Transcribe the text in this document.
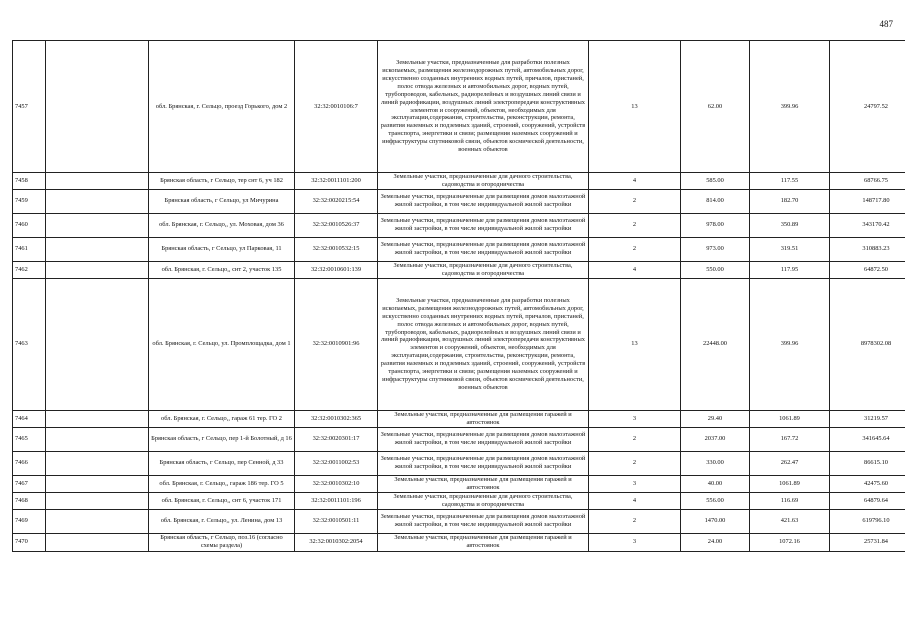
487
7457		обл. Брянская, г. Сельцо, проезд Горького, дом 2	32:32:0010106:7	Земельные участки, предназначенные для разработки полезных ископаемых, размещения железнодорожных путей, автомобильных дорог, искусственно созданных внутренних водных путей, причалов, пристаней, полос отвода железных и автомобильных дорог, водных путей, трубопроводов, кабельных, радиорелейных и воздушных линий связи и линий радиофикации, воздушных линий электропередачи конструктивных элементов и сооружений, объектов, необходимых для эксплуатации,содержания, строительства, реконструкции, ремонта, развития наземных и подземных зданий, строений, сооружений, устройств транспорта, энергетики и связи; размещения наземных сооружений и инфраструктуры спутниковой связи, объектов космической деятельности, военных объектов	13	62.00	399.96	24797.52
7458		Брянская область, г Сельцо, тер снт 6, уч 182	32:32:0011101:200	Земельные участки, предназначенные для дачного строительства, садоводства и огородничества	4	585.00	117.55	68766.75
7459		Брянская область, г Сельцо, ул Мичурина	32:32:0020215:54	Земельные участки, предназначенные для размещения домов малоэтажной жилой застройки, в том числе индивидуальной жилой застройки	2	814.00	182.70	148717.80
7460		обл. Брянская, г. Сельцо,, ул. Моховая, дом 36	32:32:0010526:37	Земельные участки, предназначенные для размещения домов малоэтажной жилой застройки, в том числе индивидуальной жилой застройки	2	978.00	350.89	343170.42
7461		Брянская область, г Сельцо, ул Парковая, 11	32:32:0010532:15	Земельные участки, предназначенные для размещения домов малоэтажной жилой застройки, в том числе индивидуальной жилой застройки	2	973.00	319.51	310883.23
7462		обл. Брянская, г. Сельцо,, снт 2, участок 135	32:32:0010601:139	Земельные участки, предназначенные для дачного строительства, садоводства и огородничества	4	550.00	117.95	64872.50
7463		обл. Брянская, г. Сельцо, ул. Промплощадка, дом 1	32:32:0010901:96	Земельные участки, предназначенные для разработки полезных ископаемых, размещения железнодорожных путей, автомобильных дорог, искусственно созданных внутренних водных путей, причалов, пристаней, полос отвода железных и автомобильных дорог, водных путей, трубопроводов, кабельных, радиорелейных и воздушных линий связи и линий радиофикации, воздушных линий электропередачи конструктивных элементов и сооружений, объектов, необходимых для эксплуатации,содержания, строительства, реконструкции, ремонта, развития наземных и подземных зданий, строений, сооружений, устройств транспорта, энергетики и связи; размещения наземных сооружений и инфраструктуры спутниковой связи, объектов космической деятельности, военных объектов	13	22448.00	399.96	8978302.08
7464		обл. Брянская, г. Сельцо,, гараж 61 тер. ГО 2	32:32:0010302:365	Земельные участки, предназначенные для размещения гаражей и автостоянок	3	29.40	1061.89	31219.57
7465		Брянская область, г Сельцо, пер 1-й Болотный, д 16	32:32:0020301:17	Земельные участки, предназначенные для размещения домов малоэтажной жилой застройки, в том числе индивидуальной жилой застройки	2	2037.00	167.72	341645.64
7466		Брянская область, г Сельцо, пер Сенной, д 33	32:32:0011002:53	Земельные участки, предназначенные для размещения домов малоэтажной жилой застройки, в том числе индивидуальной жилой застройки	2	330.00	262.47	86615.10
7467		обл. Брянская, г. Сельцо,, гараж 186 тер. ГО 5	32:32:0010302:10	Земельные участки, предназначенные для размещения гаражей и автостоянок	3	40.00	1061.89	42475.60
7468		обл. Брянская, г. Сельцо,, снт 6, участок 171	32:32:0011101:196	Земельные участки, предназначенные для дачного строительства, садоводства и огородничества	4	556.00	116.69	64879.64
7469		обл. Брянская, г. Сельцо,, ул. Ленина, дом 13	32:32:0010501:11	Земельные участки, предназначенные для размещения домов малоэтажной жилой застройки, в том числе индивидуальной жилой застройки	2	1470.00	421.63	619796.10
7470		Брянская область, г Сельцо, поз.16 (согласно схемы раздела)	32:32:0010302:2054	Земельные участки, предназначенные для размещения гаражей и автостоянок	3	24.00	1072.16	25731.84
